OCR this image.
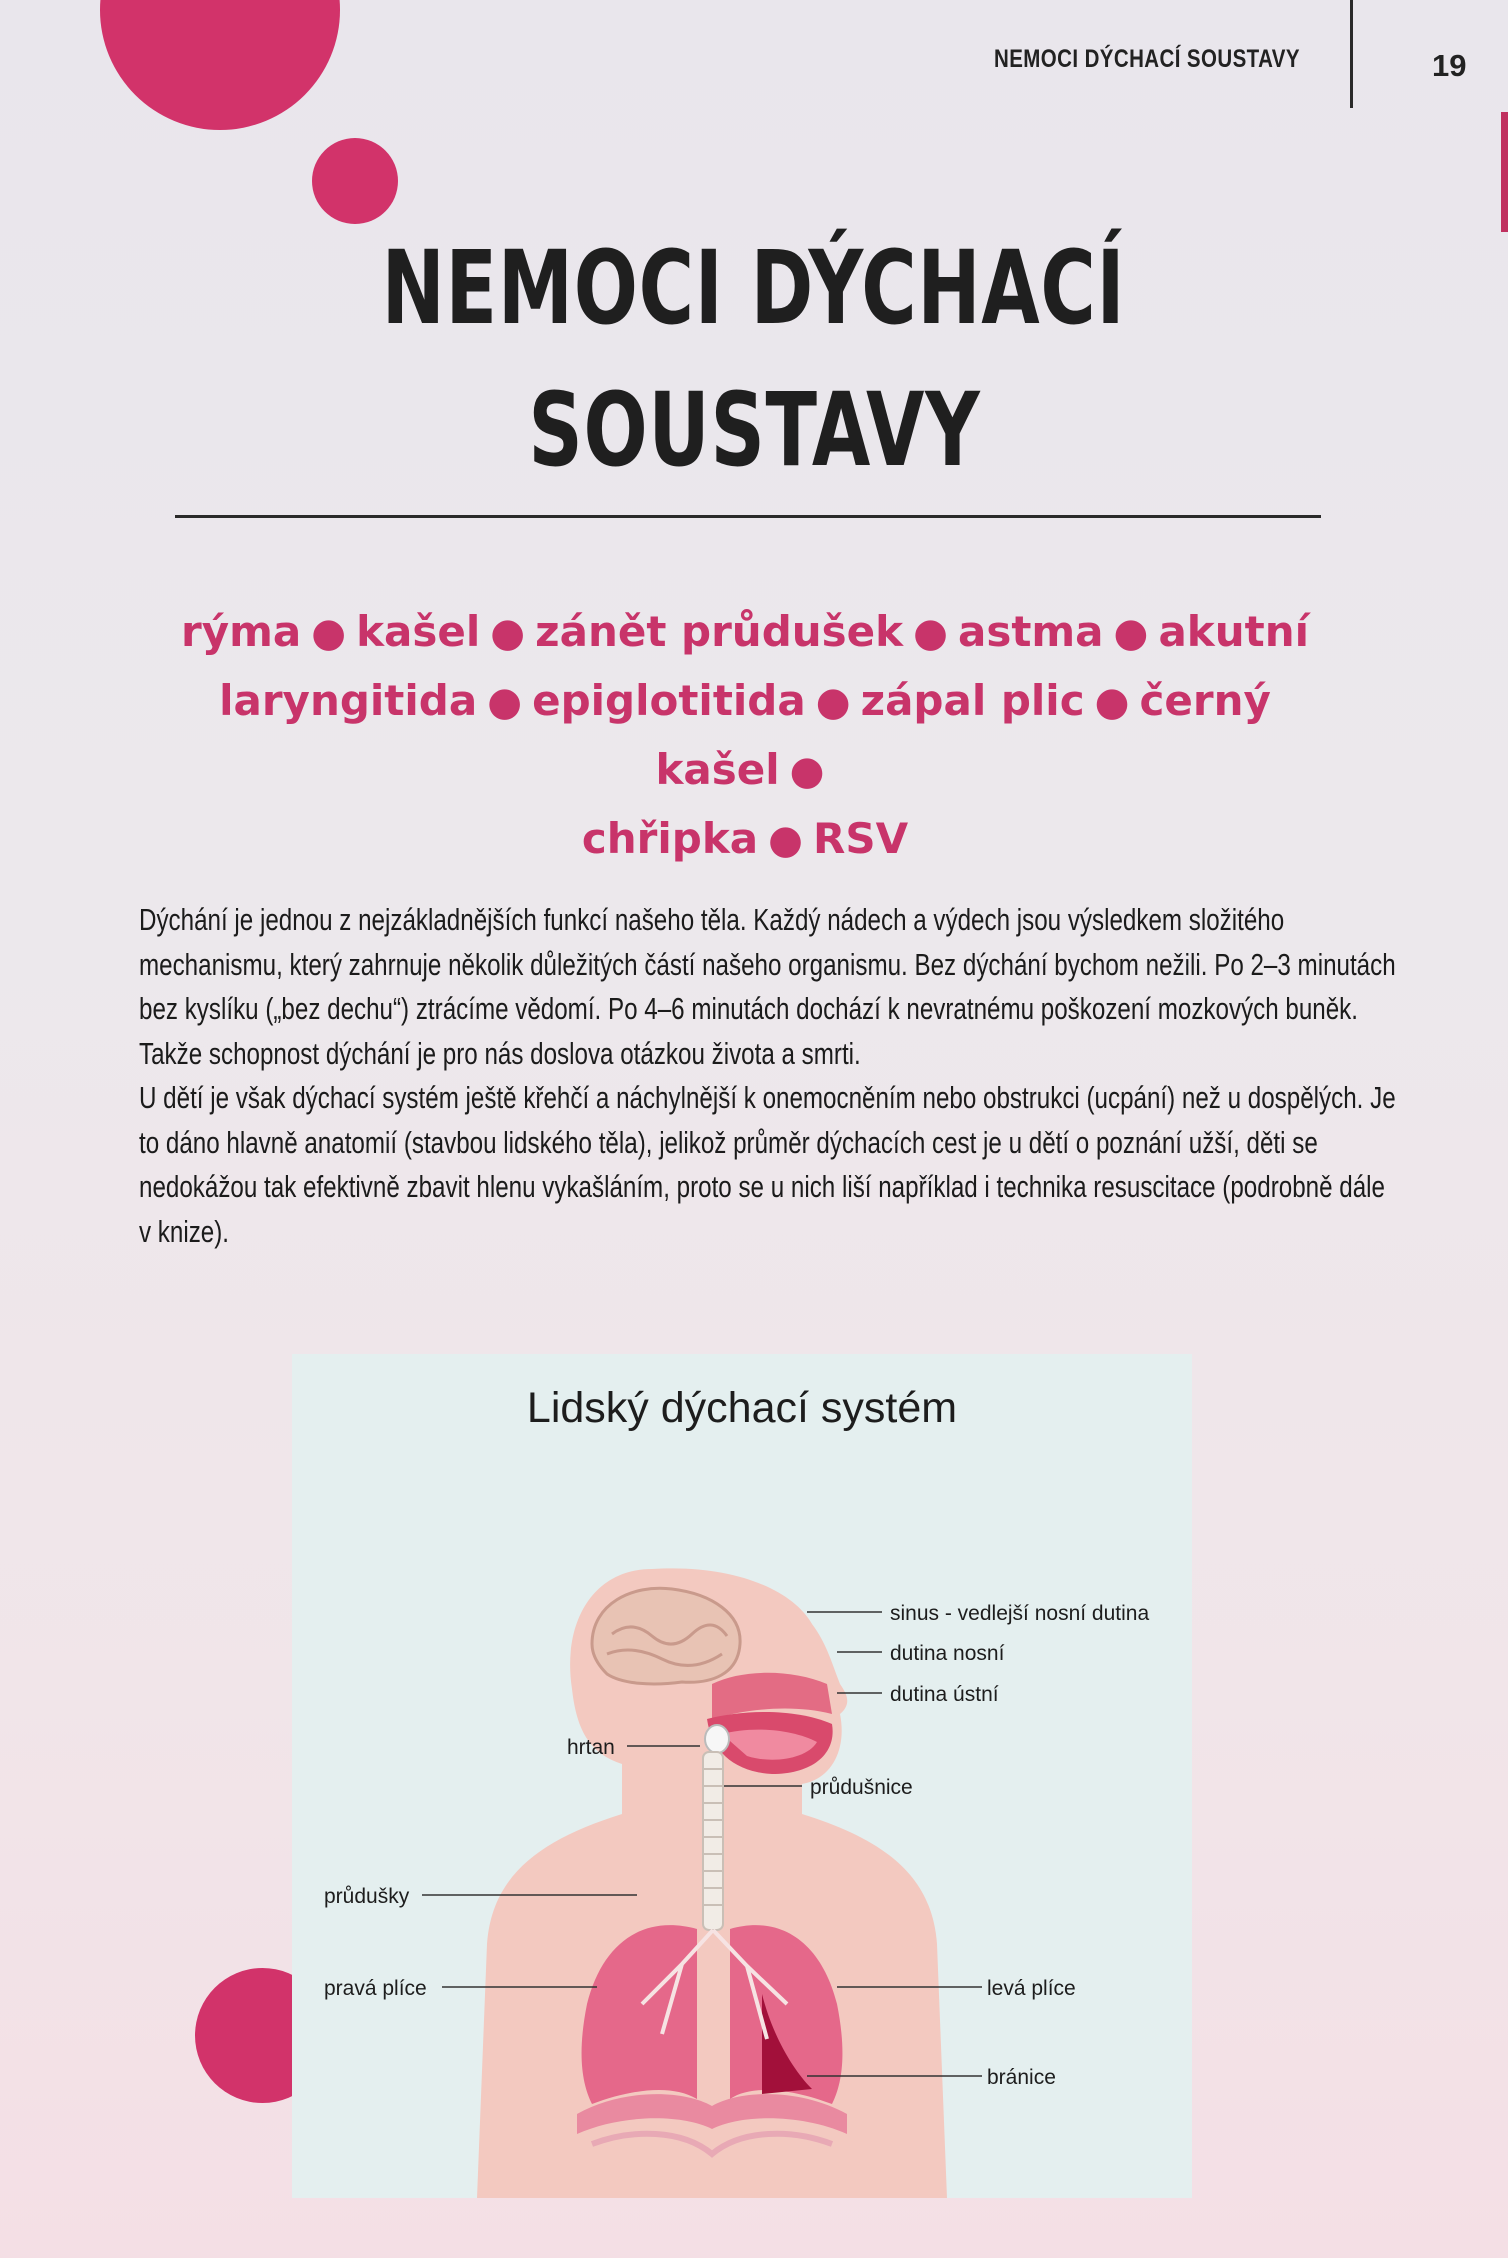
NEMOCI DÝCHACÍ SOUSTAVY	19
NEMOCI DÝCHACÍ
SOUSTAVY
rýma ● kašel ● zánět průdušek ● astma ● akutní laryngitida ● epiglotitida ● zápal plic ● černý kašel ●
chřipka ● RSV

Dýchání je jednou z nejzákladnějších funkcí našeho těla. Každý nádech a výdech jsou výsledkem složitého mechanismu, který zahrnuje několik důležitých částí našeho organismu. Bez dýchání bychom nežili. Po 2–3 minutách bez kyslíku („bez dechu“) ztrácíme vědomí. Po 4–6 minutách dochází k nevratnému poškození mozkových buněk. Takže schopnost dýchání je pro nás doslova otázkou života a smrti.

U dětí je však dýchací systém ještě křehčí a náchylnější k onemocněním nebo obstrukci (ucpání) než u dospělých. Je to dáno hlavně anatomií (stavbou lidského těla), jelikož průměr dýchacích cest je u dětí o poznání užší, děti se nedokážou tak efektivně zbavit hlenu vykašláním, proto se u nich liší například i technika resuscitace (podrobně dále v knize).

Lidský dýchací systém
sinus - vedlejší nosní dutina
dutina nosní
dutina ústní
hrtan
průdušnice
průdušky
pravá plíce	levá plíce
bránice
